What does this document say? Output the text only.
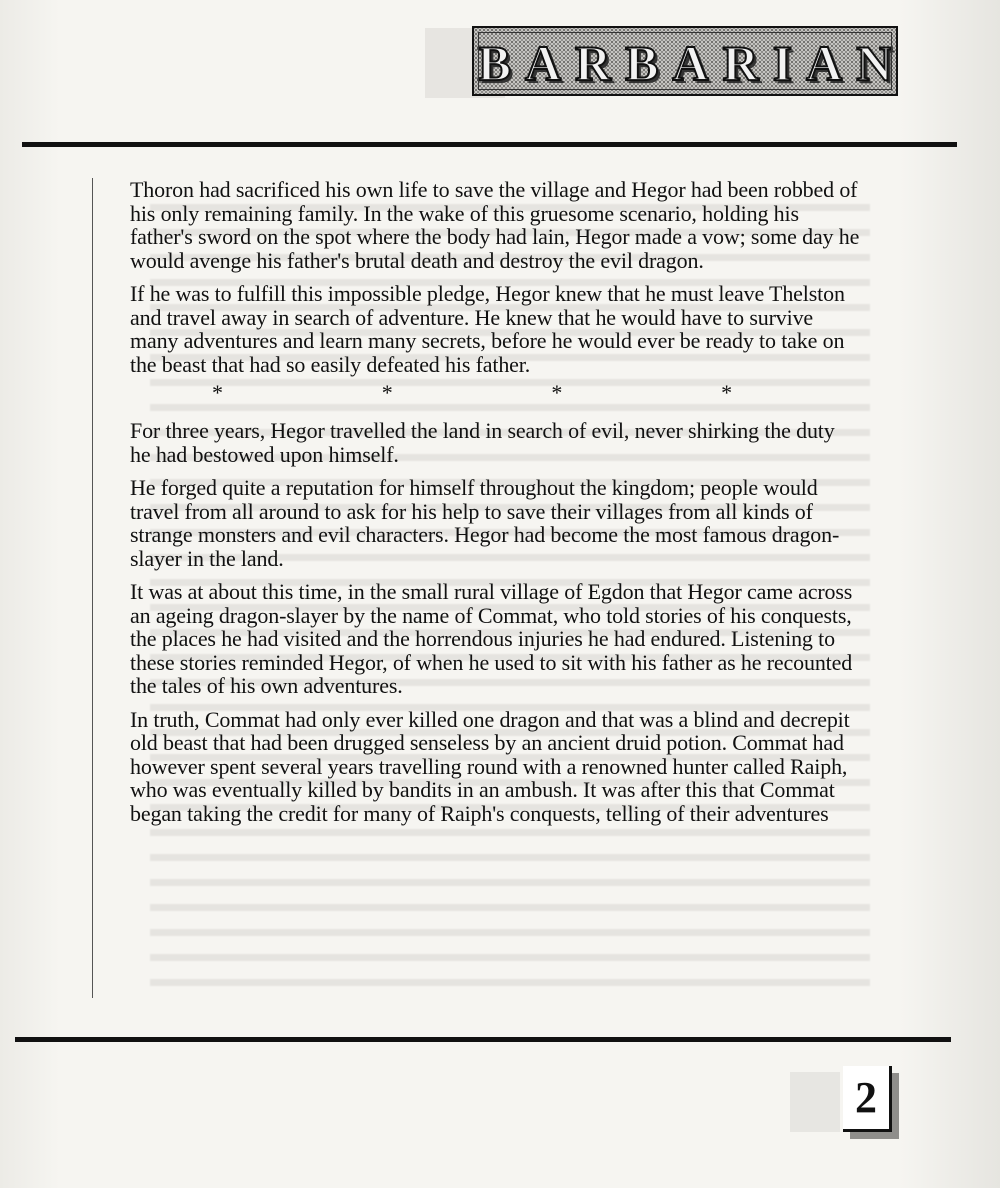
BARBARIAN

Thoron had sacrificed his own life to save the village and Hegor had been robbed of his only remaining family. In the wake of this gruesome scenario, holding his father's sword on the spot where the body had lain, Hegor made a vow; some day he would avenge his father's brutal death and destroy the evil dragon.

If he was to fulfill this impossible pledge, Hegor knew that he must leave Thelston and travel away in search of adventure. He knew that he would have to survive many adventures and learn many secrets, before he would ever be ready to take on the beast that had so easily defeated his father.

*	*	*	*

For three years, Hegor travelled the land in search of evil, never shirking the duty he had bestowed upon himself.

He forged quite a reputation for himself throughout the kingdom; people would travel from all around to ask for his help to save their villages from all kinds of strange monsters and evil characters. Hegor had become the most famous dragon-slayer in the land.

It was at about this time, in the small rural village of Egdon that Hegor came across an ageing dragon-slayer by the name of Commat, who told stories of his conquests, the places he had visited and the horrendous injuries he had endured. Listening to these stories reminded Hegor, of when he used to sit with his father as he recounted the tales of his own adventures.

In truth, Commat had only ever killed one dragon and that was a blind and decrepit old beast that had been drugged senseless by an ancient druid potion. Commat had however spent several years travelling round with a renowned hunter called Raiph, who was eventually killed by bandits in an ambush. It was after this that Commat began taking the credit for many of Raiph's conquests, telling of their adventures

2
